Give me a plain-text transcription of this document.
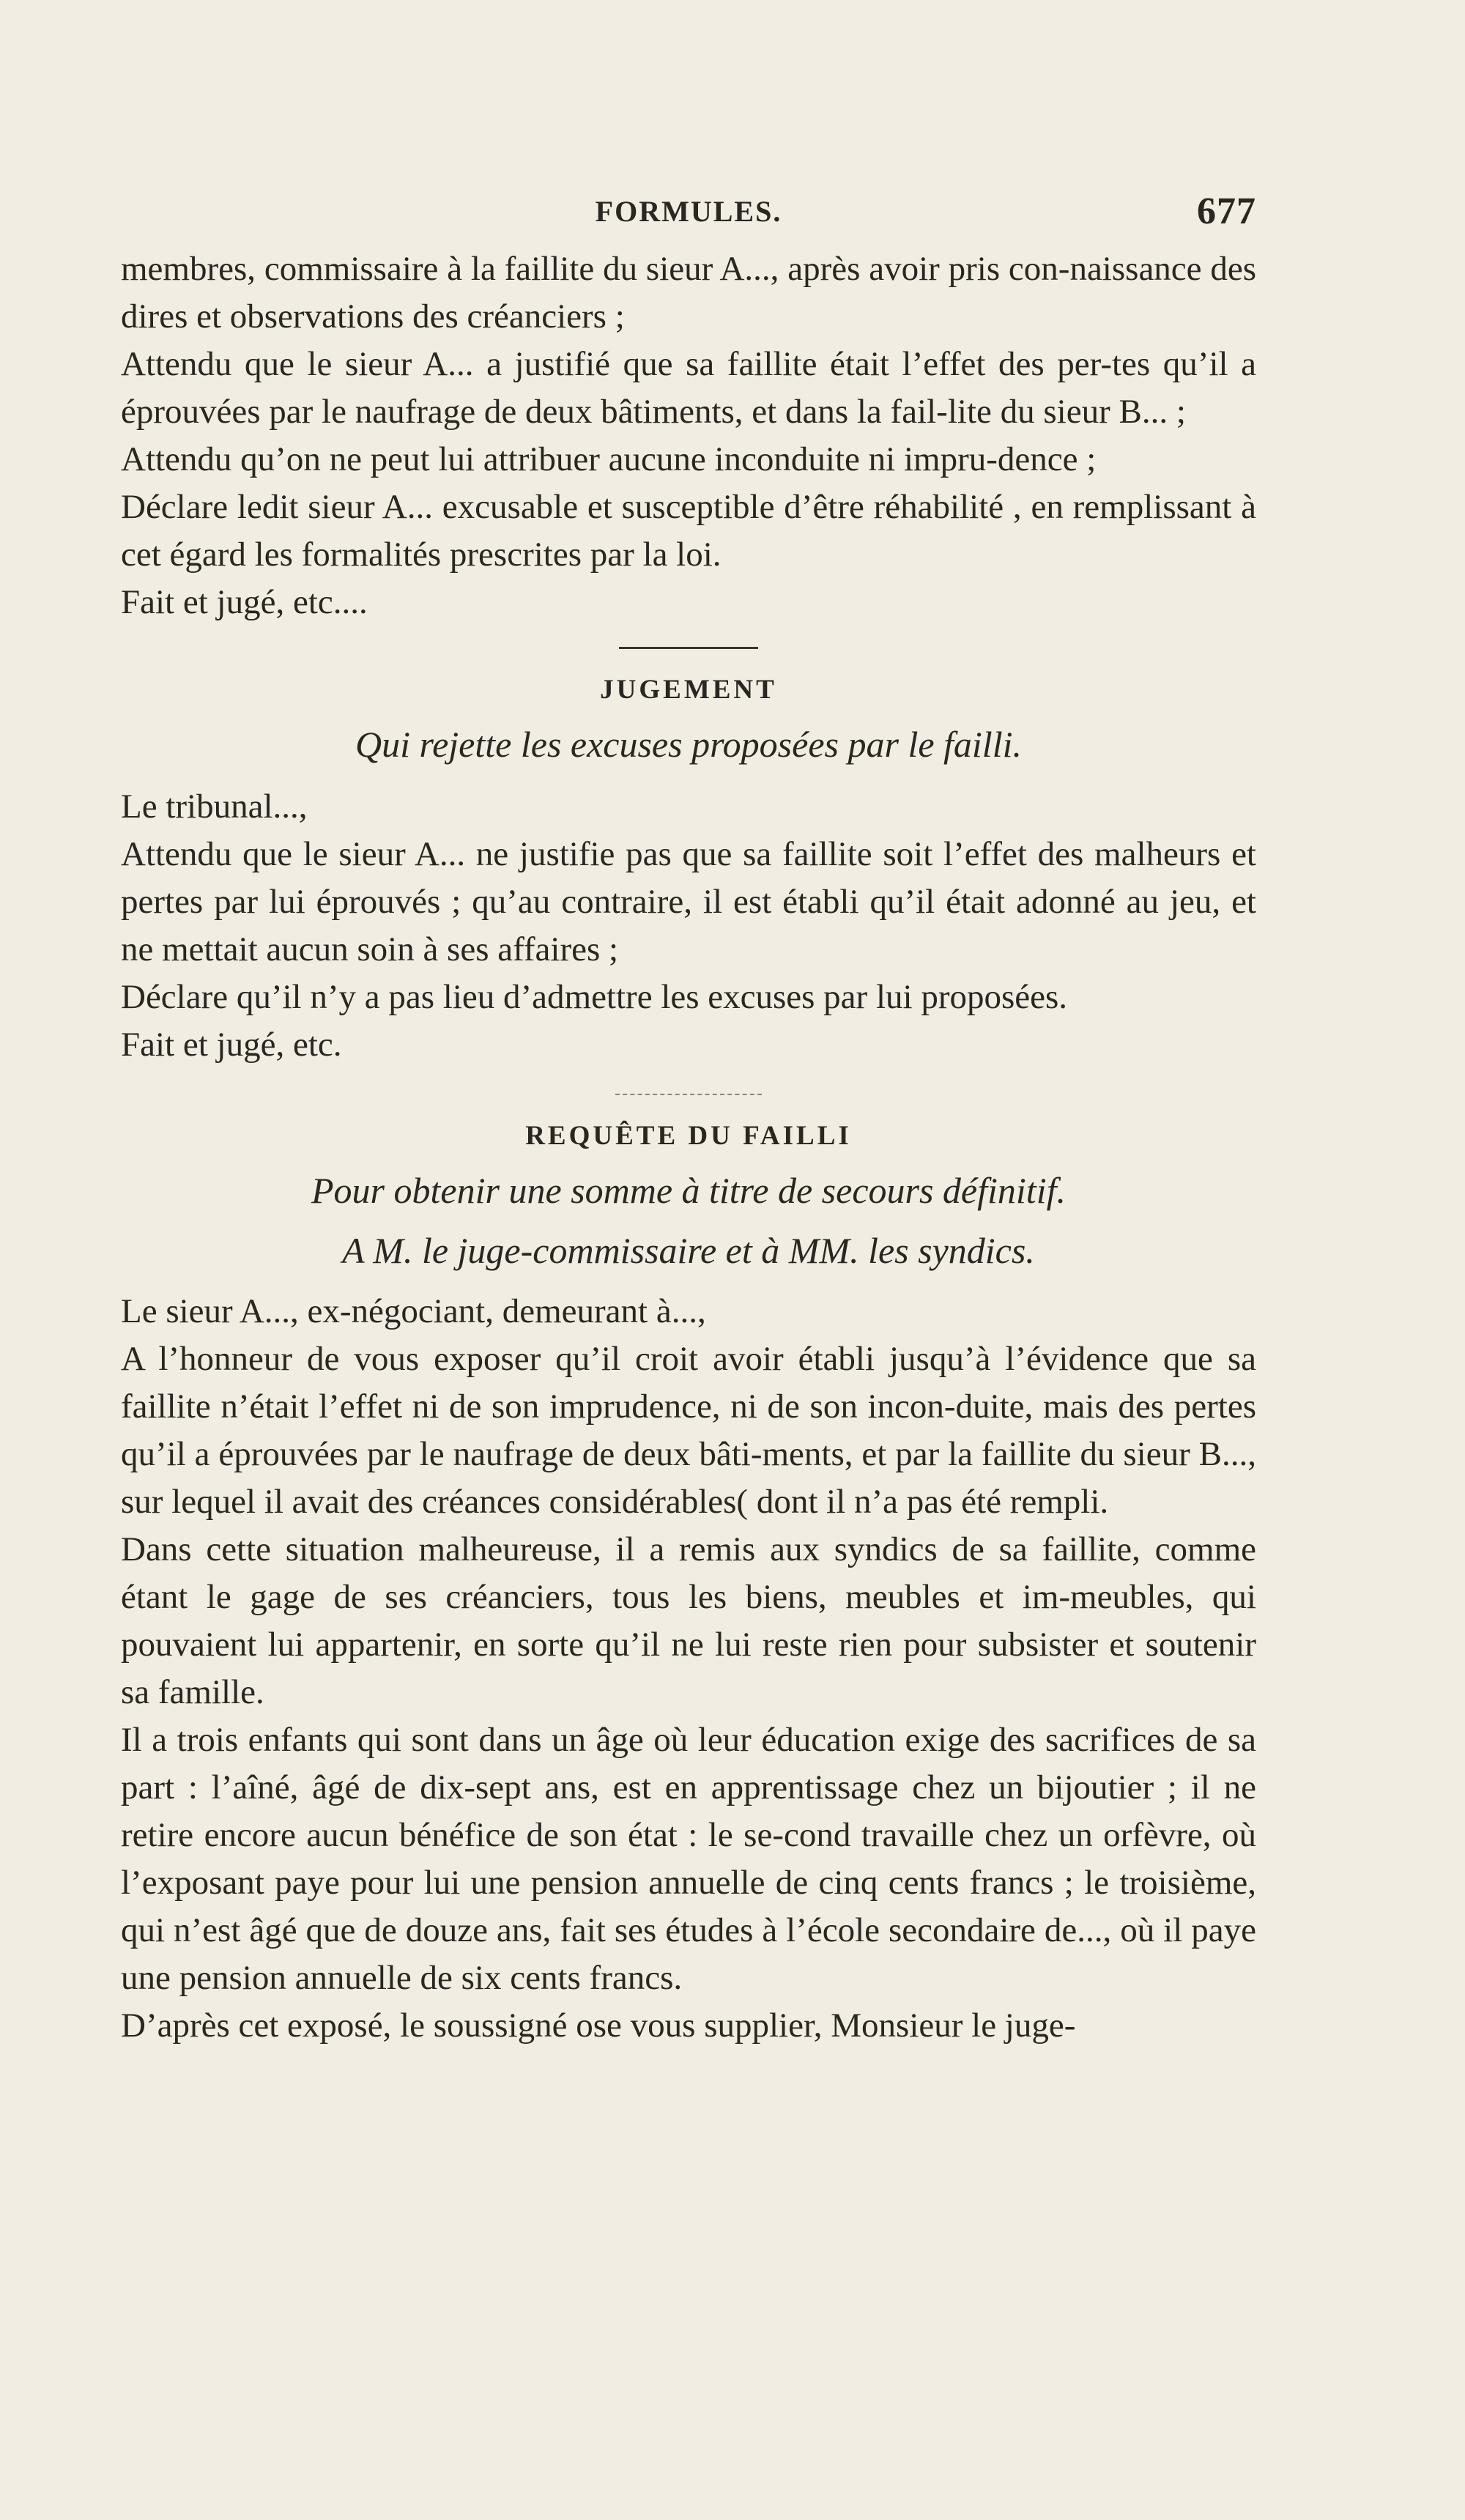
FORMULES.	677

membres, commissaire à la faillite du sieur A..., après avoir pris con-naissance des dires et observations des créanciers ;

Attendu que le sieur A... a justifié que sa faillite était l’effet des per-tes qu’il a éprouvées par le naufrage de deux bâtiments, et dans la fail-lite du sieur B... ;

Attendu qu’on ne peut lui attribuer aucune inconduite ni impru-dence ;

Déclare ledit sieur A... excusable et susceptible d’être réhabilité , en remplissant à cet égard les formalités prescrites par la loi.

Fait et jugé, etc....

JUGEMENT
Qui rejette les excuses proposées par le failli.

Le tribunal...,

Attendu que le sieur A... ne justifie pas que sa faillite soit l’effet des malheurs et pertes par lui éprouvés ; qu’au contraire, il est établi qu’il était adonné au jeu, et ne mettait aucun soin à ses affaires ;

Déclare qu’il n’y a pas lieu d’admettre les excuses par lui proposées.

Fait et jugé, etc.

REQUÊTE DU FAILLI
Pour obtenir une somme à titre de secours définitif.
A M. le juge-commissaire et à MM. les syndics.

Le sieur A..., ex-négociant, demeurant à...,

A l’honneur de vous exposer qu’il croit avoir établi jusqu’à l’évidence que sa faillite n’était l’effet ni de son imprudence, ni de son incon-duite, mais des pertes qu’il a éprouvées par le naufrage de deux bâti-ments, et par la faillite du sieur B..., sur lequel il avait des créances considérables( dont il n’a pas été rempli.

Dans cette situation malheureuse, il a remis aux syndics de sa faillite, comme étant le gage de ses créanciers, tous les biens, meubles et im-meubles, qui pouvaient lui appartenir, en sorte qu’il ne lui reste rien pour subsister et soutenir sa famille.

Il a trois enfants qui sont dans un âge où leur éducation exige des sacrifices de sa part : l’aîné, âgé de dix-sept ans, est en apprentissage chez un bijoutier ; il ne retire encore aucun bénéfice de son état : le se-cond travaille chez un orfèvre, où l’exposant paye pour lui une pension annuelle de cinq cents francs ; le troisième, qui n’est âgé que de douze ans, fait ses études à l’école secondaire de..., où il paye une pension annuelle de six cents francs.

D’après cet exposé, le soussigné ose vous supplier, Monsieur le juge-
